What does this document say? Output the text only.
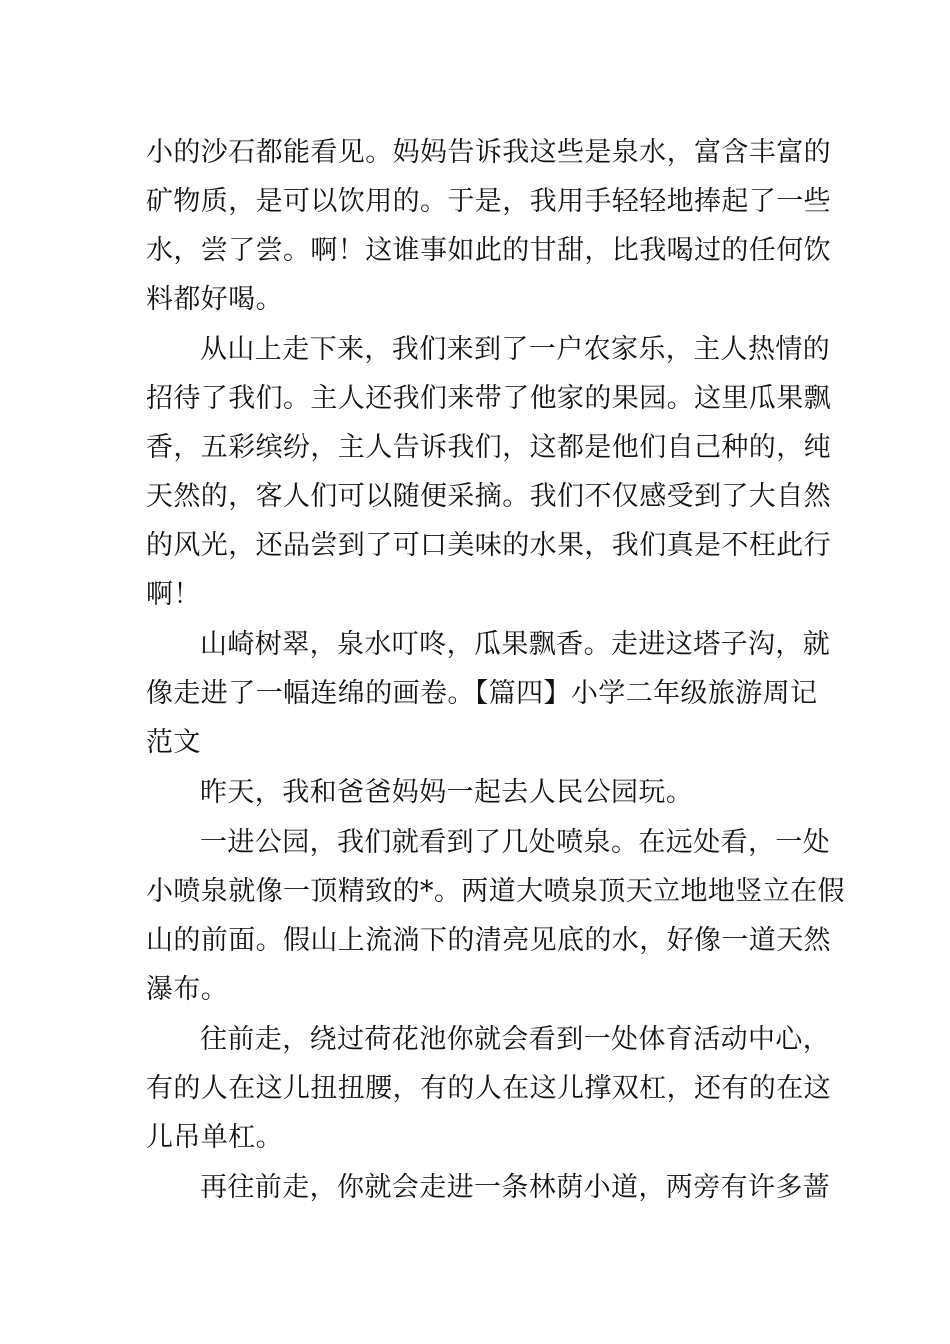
小的沙石都能看见。妈妈告诉我这些是泉水，富含丰富的
矿物质，是可以饮用的。于是，我用手轻轻地捧起了一些
水，尝了尝。啊！这谁事如此的甘甜，比我喝过的任何饮
料都好喝。
从山上走下来，我们来到了一户农家乐，主人热情的
招待了我们。主人还我们来带了他家的果园。这里瓜果飘
香，五彩缤纷，主人告诉我们，这都是他们自己种的，纯
天然的，客人们可以随便采摘。我们不仅感受到了大自然
的风光，还品尝到了可口美味的水果，我们真是不枉此行
啊！
山崎树翠，泉水叮咚，瓜果飘香。走进这塔子沟，就
像走进了一幅连绵的画卷。【篇四】小学二年级旅游周记
范文
昨天，我和爸爸妈妈一起去人民公园玩。
一进公园，我们就看到了几处喷泉。在远处看，一处
小喷泉就像一顶精致的*。两道大喷泉顶天立地地竖立在假
山的前面。假山上流淌下的清亮见底的水，好像一道天然
瀑布。
往前走，绕过荷花池你就会看到一处体育活动中心，
有的人在这儿扭扭腰，有的人在这儿撑双杠，还有的在这
儿吊单杠。
再往前走，你就会走进一条林荫小道，两旁有许多蔷
